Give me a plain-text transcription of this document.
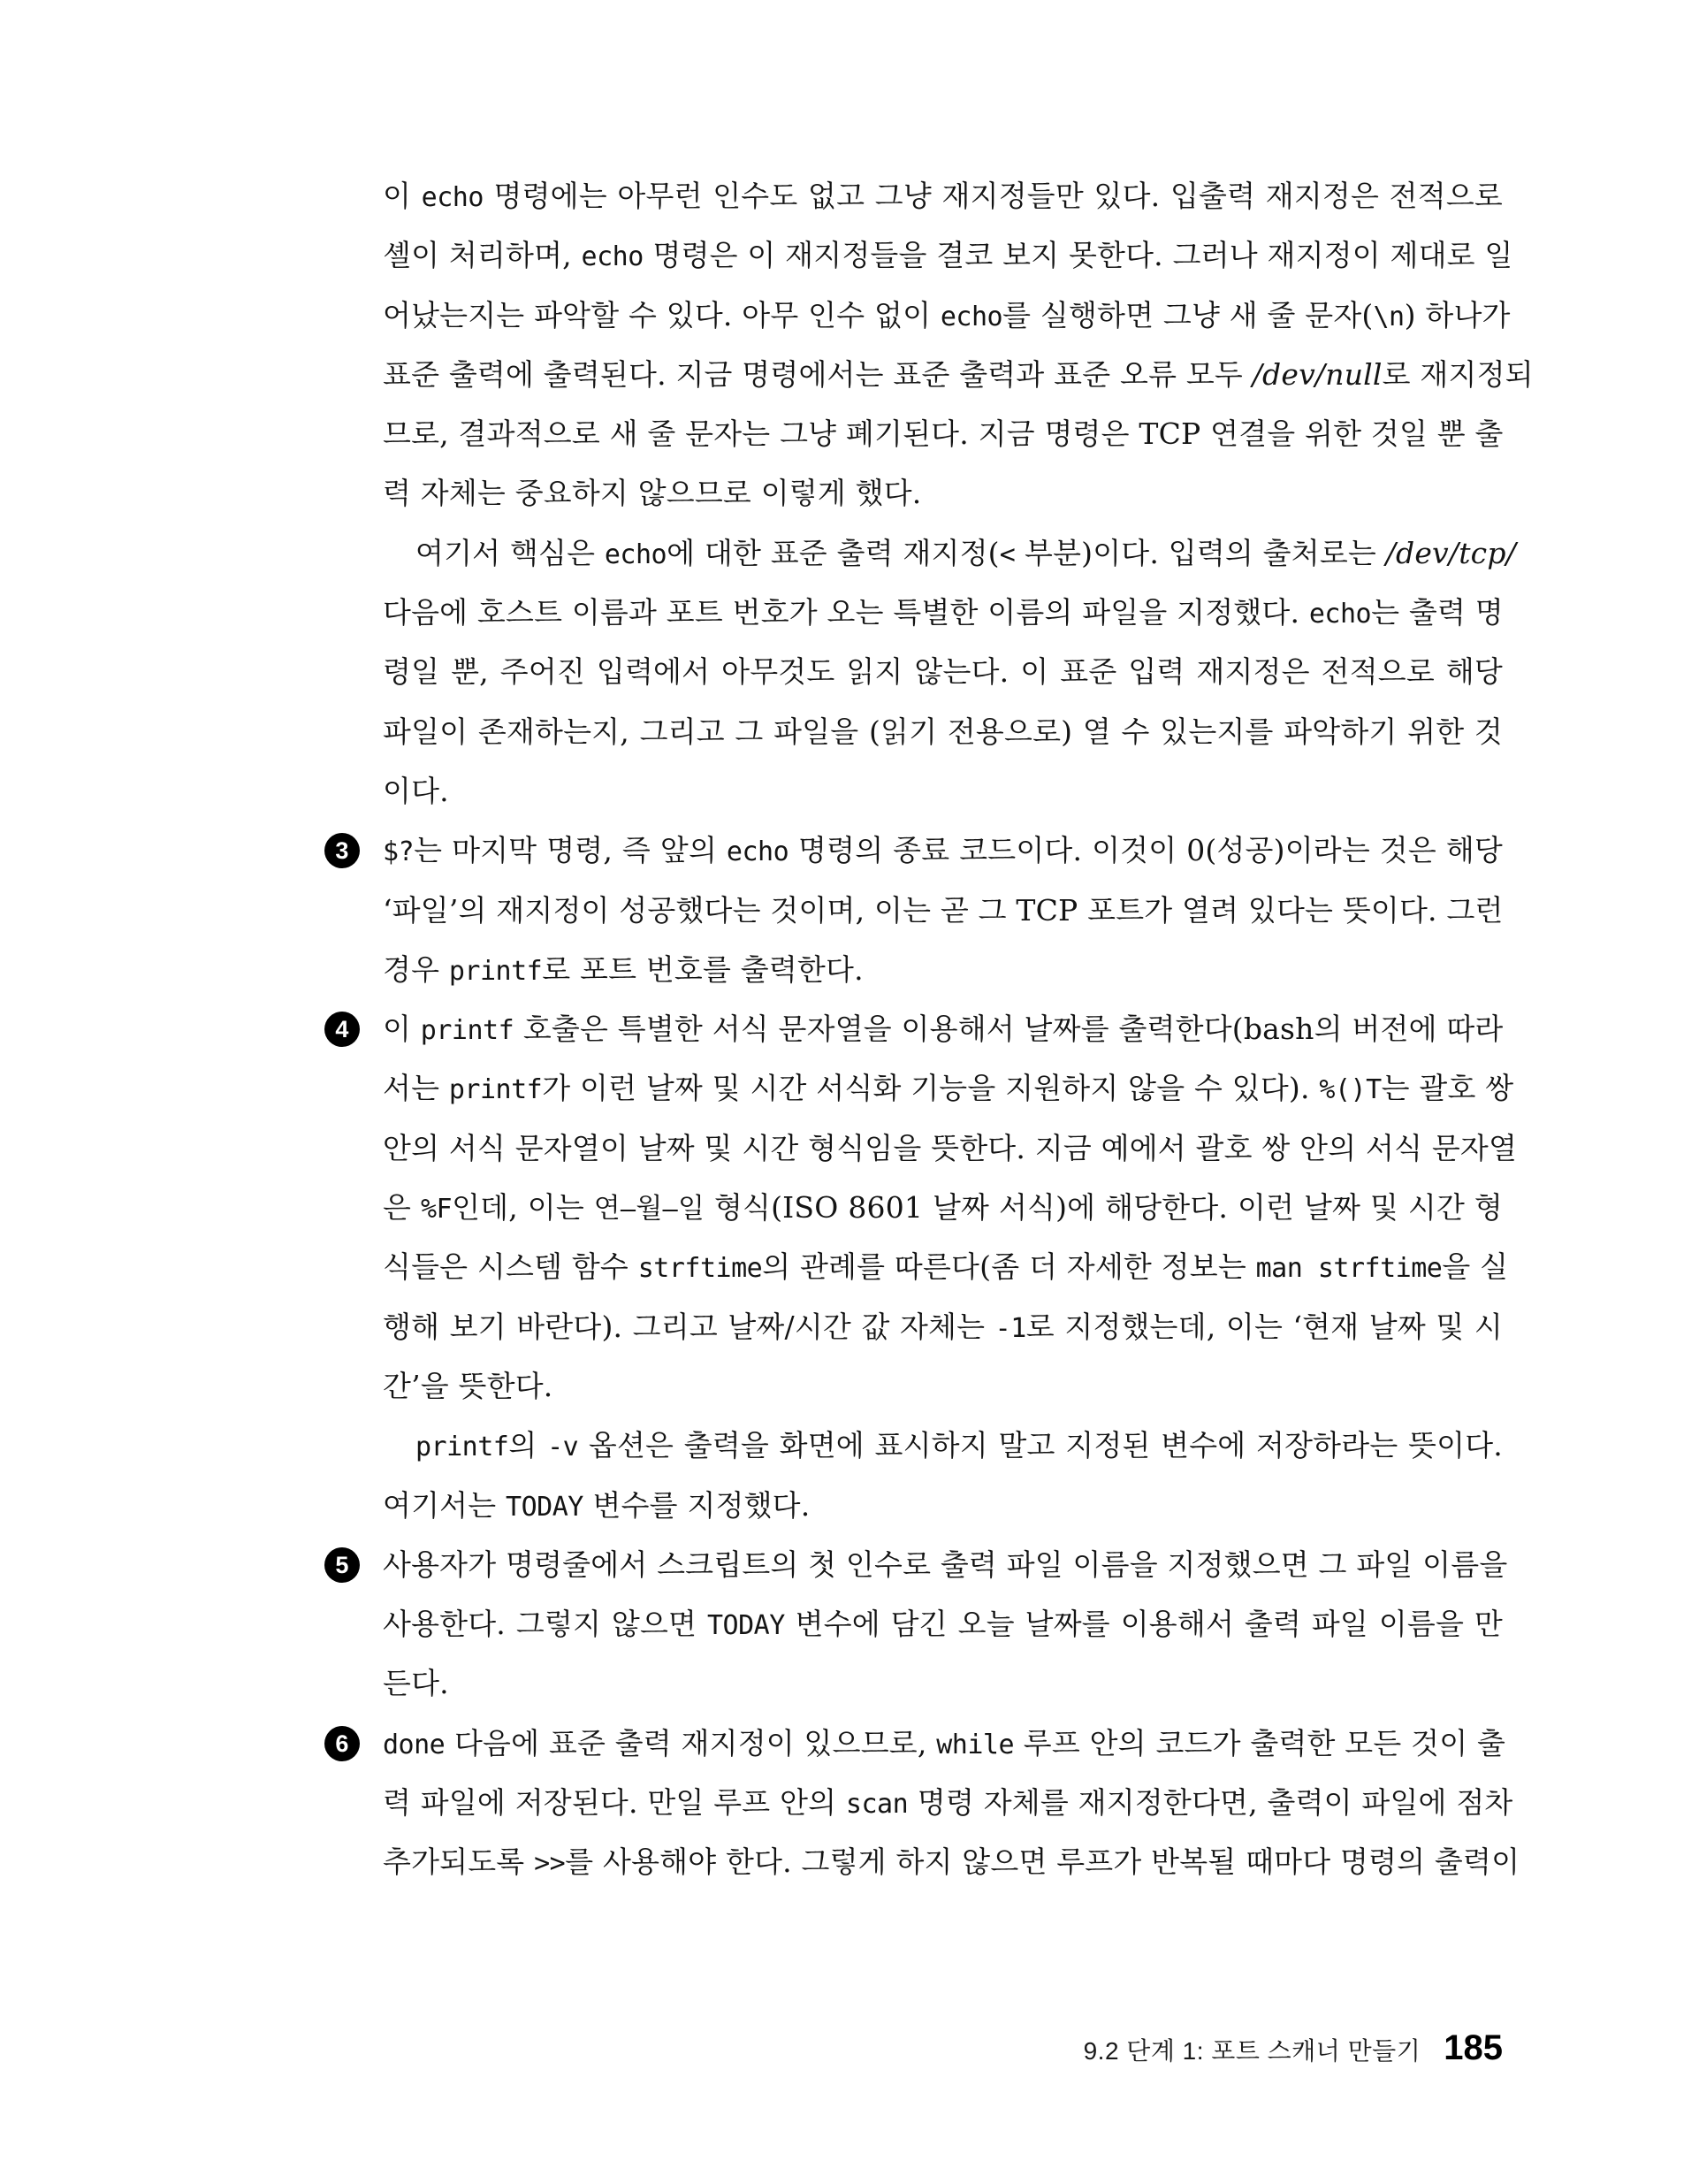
이 echo 명령에는 아무런 인수도 없고 그냥 재지정들만 있다. 입출력 재지정은 전적으로
셸이 처리하며, echo 명령은 이 재지정들을 결코 보지 못한다. 그러나 재지정이 제대로 일
어났는지는 파악할 수 있다. 아무 인수 없이 echo를 실행하면 그냥 새 줄 문자(\n) 하나가
표준 출력에 출력된다. 지금 명령에서는 표준 출력과 표준 오류 모두 /dev/null로 재지정되
므로, 결과적으로 새 줄 문자는 그냥 폐기된다. 지금 명령은 TCP 연결을 위한 것일 뿐 출
력 자체는 중요하지 않으므로 이렇게 했다.
여기서 핵심은 echo에 대한 표준 출력 재지정(< 부분)이다. 입력의 출처로는 /dev/tcp/
다음에 호스트 이름과 포트 번호가 오는 특별한 이름의 파일을 지정했다. echo는 출력 명
령일 뿐, 주어진 입력에서 아무것도 읽지 않는다. 이 표준 입력 재지정은 전적으로 해당
파일이 존재하는지, 그리고 그 파일을 (읽기 전용으로) 열 수 있는지를 파악하기 위한 것
이다.
3	$?는 마지막 명령, 즉 앞의 echo 명령의 종료 코드이다. 이것이 0(성공)이라는 것은 해당
‘파일’의 재지정이 성공했다는 것이며, 이는 곧 그 TCP 포트가 열려 있다는 뜻이다. 그런
경우 printf로 포트 번호를 출력한다.
4	이 printf 호출은 특별한 서식 문자열을 이용해서 날짜를 출력한다(bash의 버전에 따라
서는 printf가 이런 날짜 및 시간 서식화 기능을 지원하지 않을 수 있다). %()T는 괄호 쌍
안의 서식 문자열이 날짜 및 시간 형식임을 뜻한다. 지금 예에서 괄호 쌍 안의 서식 문자열
은 %F인데, 이는 연–월–일 형식(ISO 8601 날짜 서식)에 해당한다. 이런 날짜 및 시간 형
식들은 시스템 함수 strftime의 관례를 따른다(좀 더 자세한 정보는 man strftime을 실
행해 보기 바란다). 그리고 날짜/시간 값 자체는 -1로 지정했는데, 이는 ‘현재 날짜 및 시
간’을 뜻한다.
printf의 -v 옵션은 출력을 화면에 표시하지 말고 지정된 변수에 저장하라는 뜻이다.
여기서는 TODAY 변수를 지정했다.
5	사용자가 명령줄에서 스크립트의 첫 인수로 출력 파일 이름을 지정했으면 그 파일 이름을
사용한다. 그렇지 않으면 TODAY 변수에 담긴 오늘 날짜를 이용해서 출력 파일 이름을 만
든다.
6	done 다음에 표준 출력 재지정이 있으므로, while 루프 안의 코드가 출력한 모든 것이 출
력 파일에 저장된다. 만일 루프 안의 scan 명령 자체를 재지정한다면, 출력이 파일에 점차
추가되도록 >>를 사용해야 한다. 그렇게 하지 않으면 루프가 반복될 때마다 명령의 출력이
9.2 단계 1: 포트 스캐너 만들기 185
